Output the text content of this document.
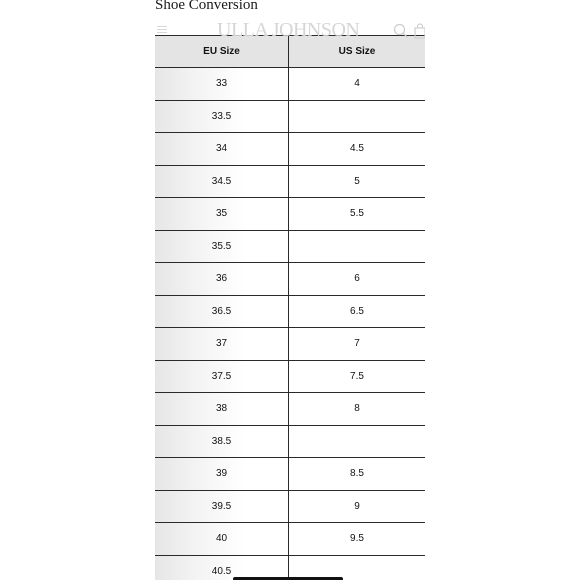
Shoe Conversion
ULLA JOHNSON
EU Size	US Size
33	4
33.5
34	4.5
34.5	5
35	5.5
35.5
36	6
36.5	6.5
37	7
37.5	7.5
38	8
38.5
39	8.5
39.5	9
40	9.5
40.5
